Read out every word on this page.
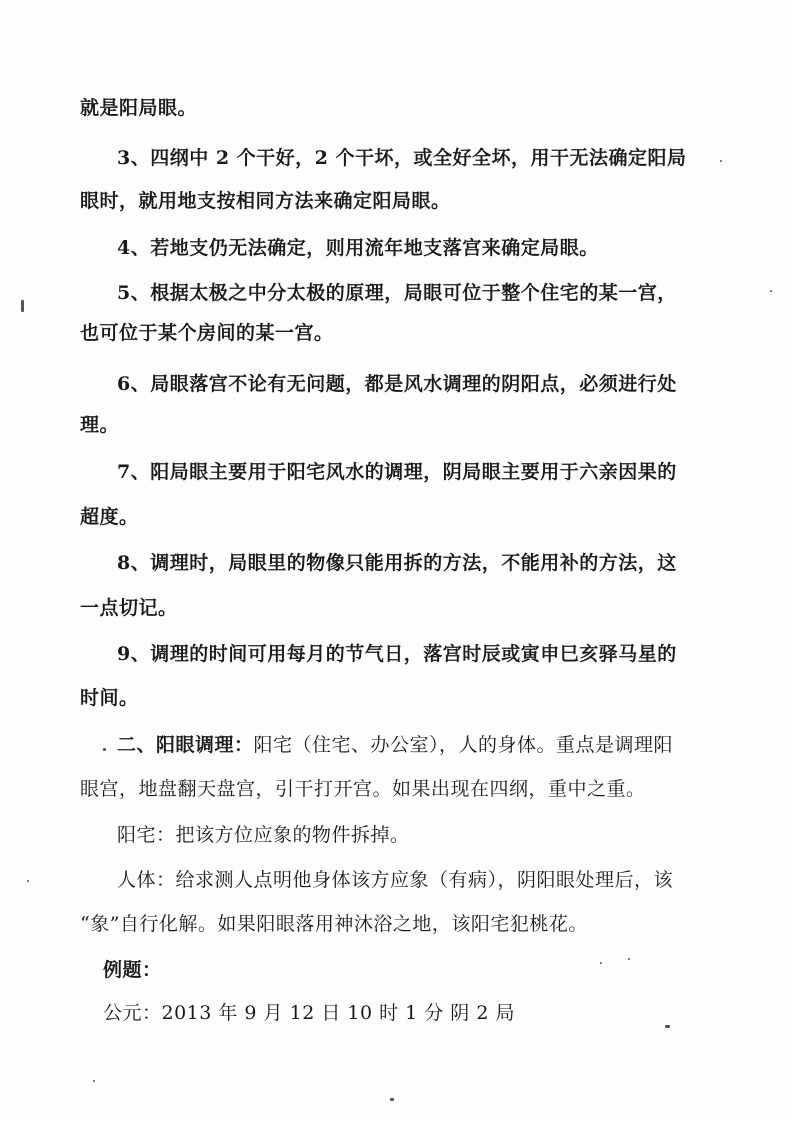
就是阳局眼。
3、四纲中 2 个干好，2 个干坏，或全好全坏，用干无法确定阳局
眼时，就用地支按相同方法来确定阳局眼。
4、若地支仍无法确定，则用流年地支落宫来确定局眼。
5、根据太极之中分太极的原理，局眼可位于整个住宅的某一宫，
也可位于某个房间的某一宫。
6、局眼落宫不论有无问题，都是风水调理的阴阳点，必须进行处
理。
7、阳局眼主要用于阳宅风水的调理，阴局眼主要用于六亲因果的
超度。
8、调理时，局眼里的物像只能用拆的方法，不能用补的方法，这
一点切记。
9、调理的时间可用每月的节气日，落宫时辰或寅申巳亥驿马星的
时间。
二、阳眼调理：阳宅（住宅、办公室），人的身体。重点是调理阳
眼宫，地盘翻天盘宫，引干打开宫。如果出现在四纲，重中之重。
阳宅：把该方位应象的物件拆掉。
人体：给求测人点明他身体该方应象（有病），阴阳眼处理后，该
“象”自行化解。如果阳眼落用神沐浴之地，该阳宅犯桃花。
例题：
公元：2013 年 9 月 12 日 10 时 1 分 阴 2 局
